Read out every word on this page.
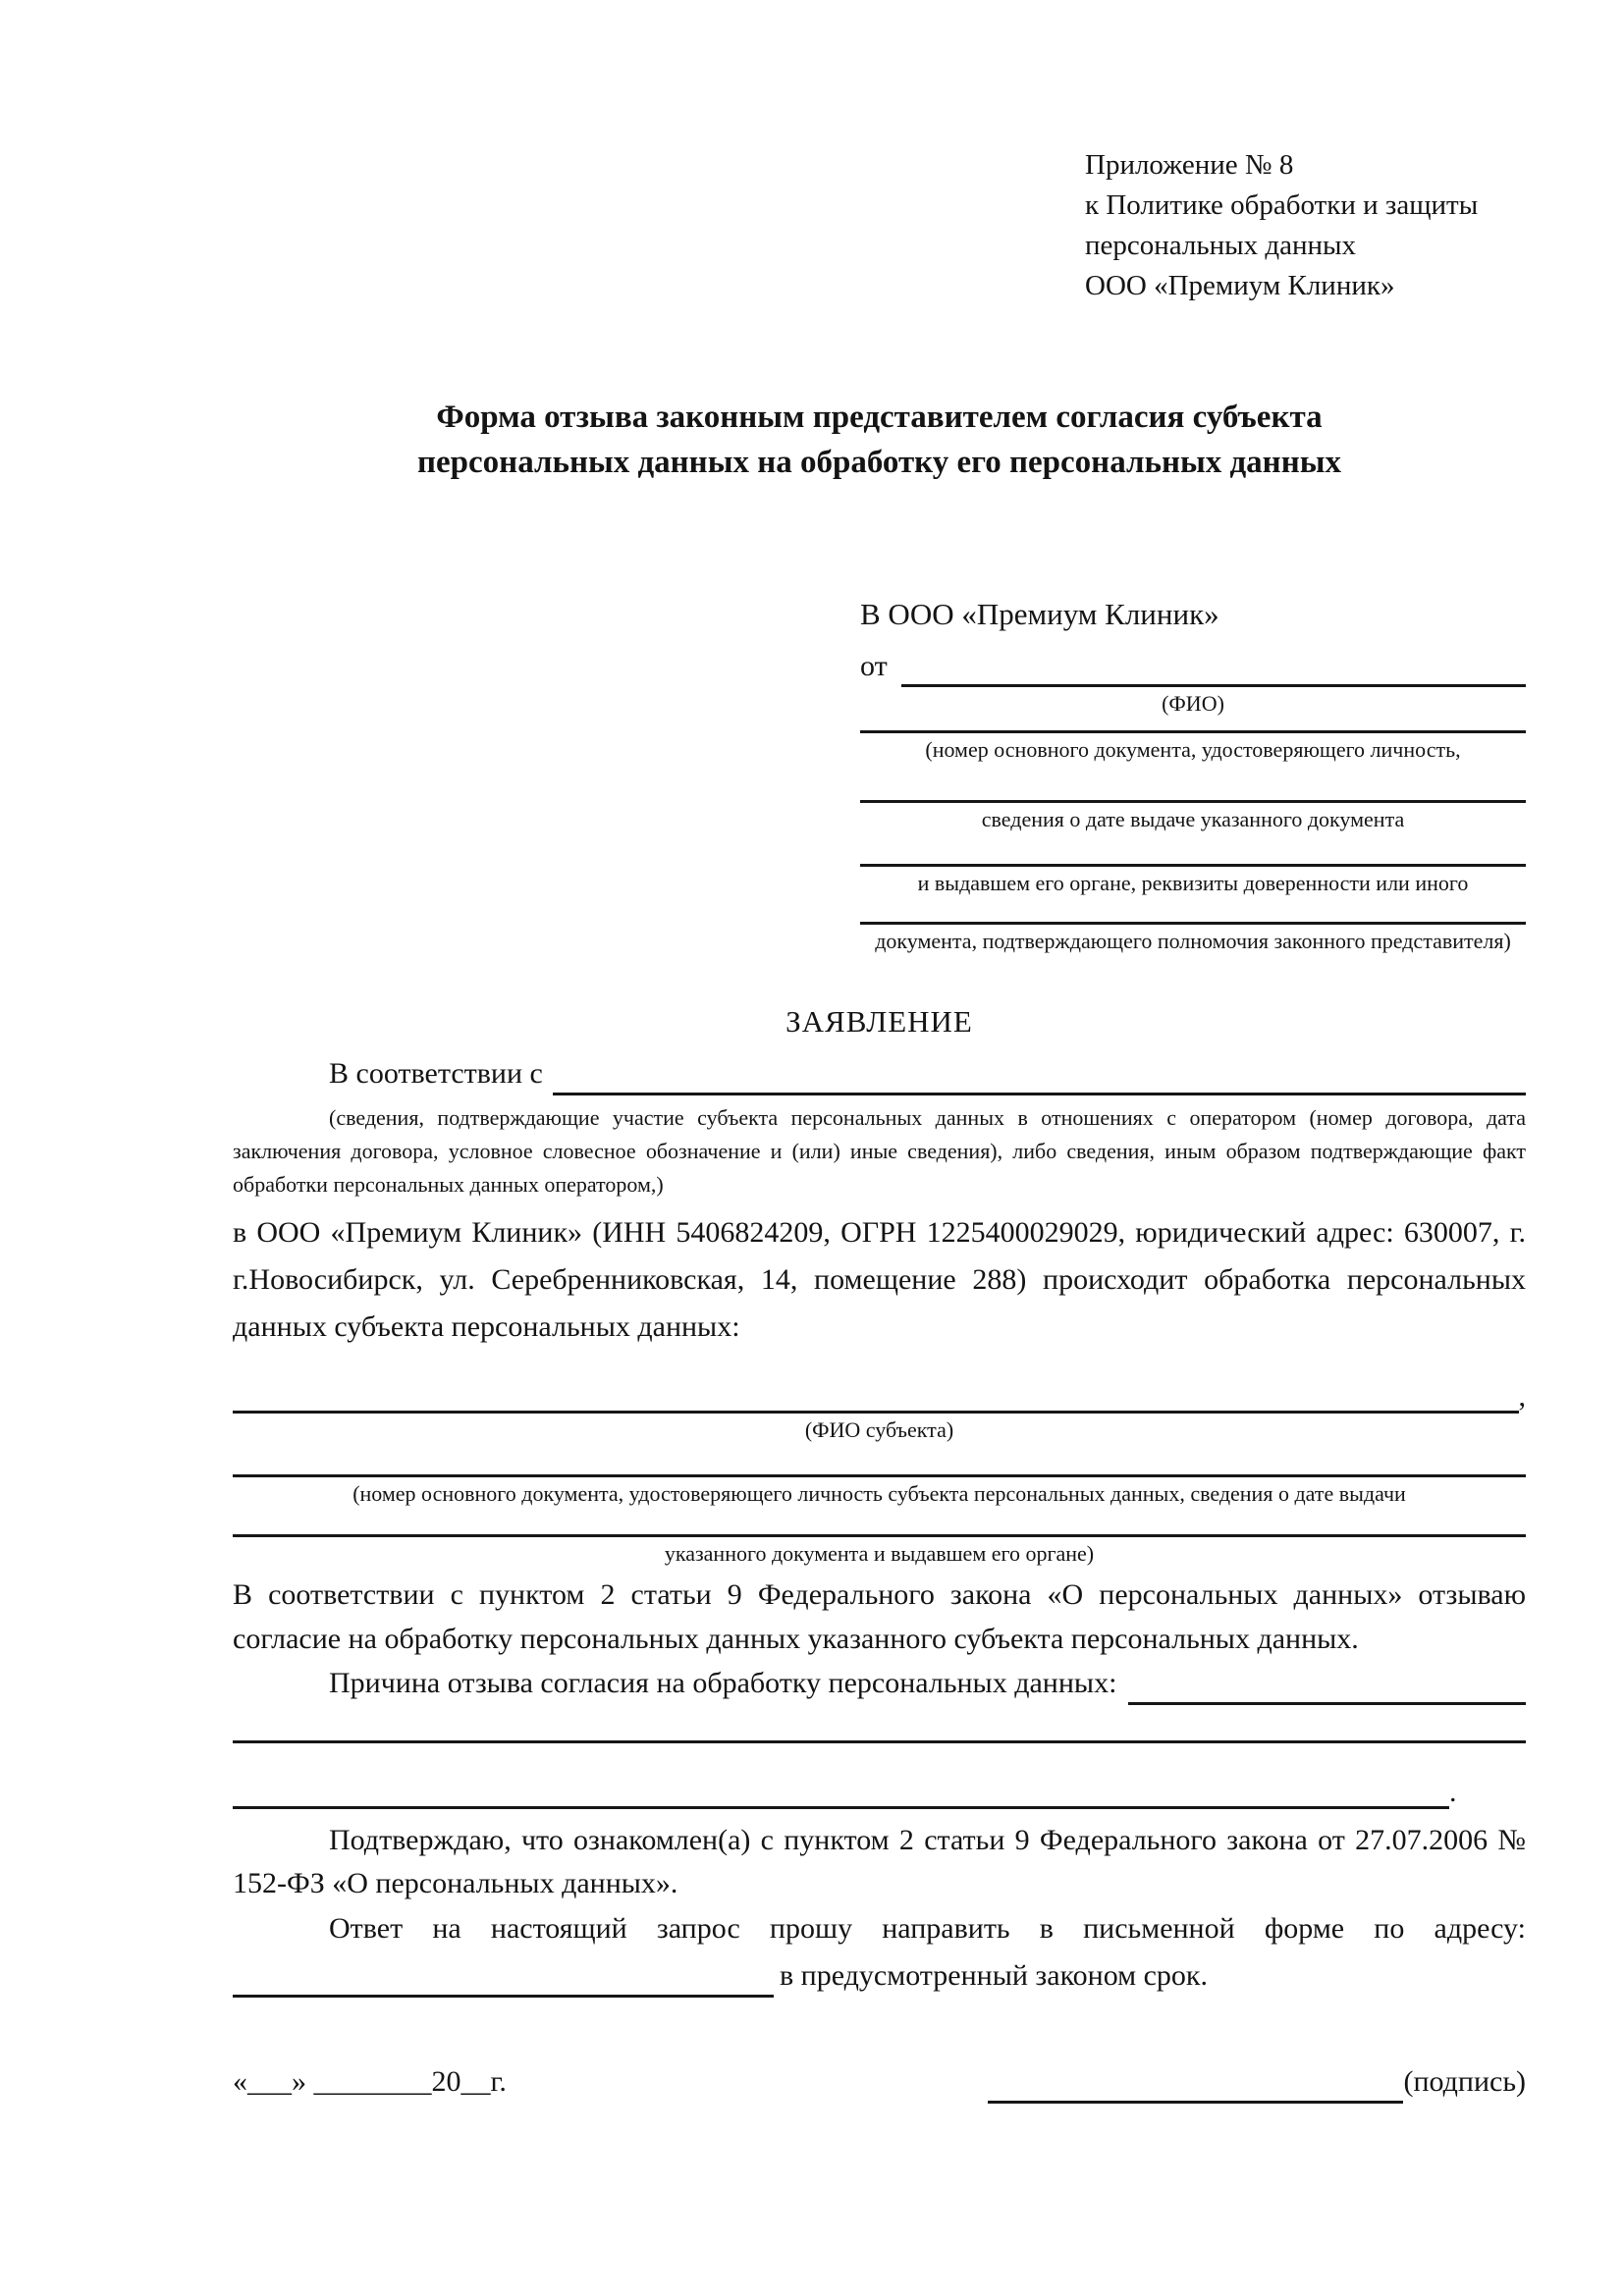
Приложение № 8
к Политике обработки и защиты
персональных данных
ООО «Премиум Клиник»
Форма отзыва законным представителем согласия субъекта
персональных данных на обработку его персональных данных
В ООО «Премиум Клиник»
от
(ФИО)
(номер основного документа, удостоверяющего личность,
сведения о дате выдаче указанного документа
и выдавшем его органе, реквизиты доверенности или иного
документа, подтверждающего полномочия законного представителя)
ЗАЯВЛЕНИЕ
В соответствии с

(сведения, подтверждающие участие субъекта персональных данных в отношениях с оператором (номер договора, дата заключения договора, условное словесное обозначение и (или) иные сведения), либо сведения, иным образом подтверждающие факт обработки персональных данных оператором,)

в ООО «Премиум Клиник» (ИНН 5406824209, ОГРН 1225400029029, юридический адрес: 630007, г. г.Новосибирск, ул. Серебренниковская, 14, помещение 288) происходит обработка персональных данных субъекта персональных данных:

,
(ФИО субъекта)
(номер основного документа, удостоверяющего личность субъекта персональных данных, сведения о дате выдачи
указанного документа и выдавшем его органе)

В соответствии с пунктом 2 статьи 9 Федерального закона «О персональных данных» отзываю согласие на обработку персональных данных указанного субъекта персональных данных.

Причина отзыва согласия на обработку персональных данных:
.

Подтверждаю, что ознакомлен(а) с пунктом 2 статьи 9 Федерального закона от 27.07.2006 № 152-ФЗ «О персональных данных».

Ответ на настоящий запрос прошу направить в письменной форме по адресу:

в предусмотренный законом срок.
«___» ________20__г.	(подпись)
